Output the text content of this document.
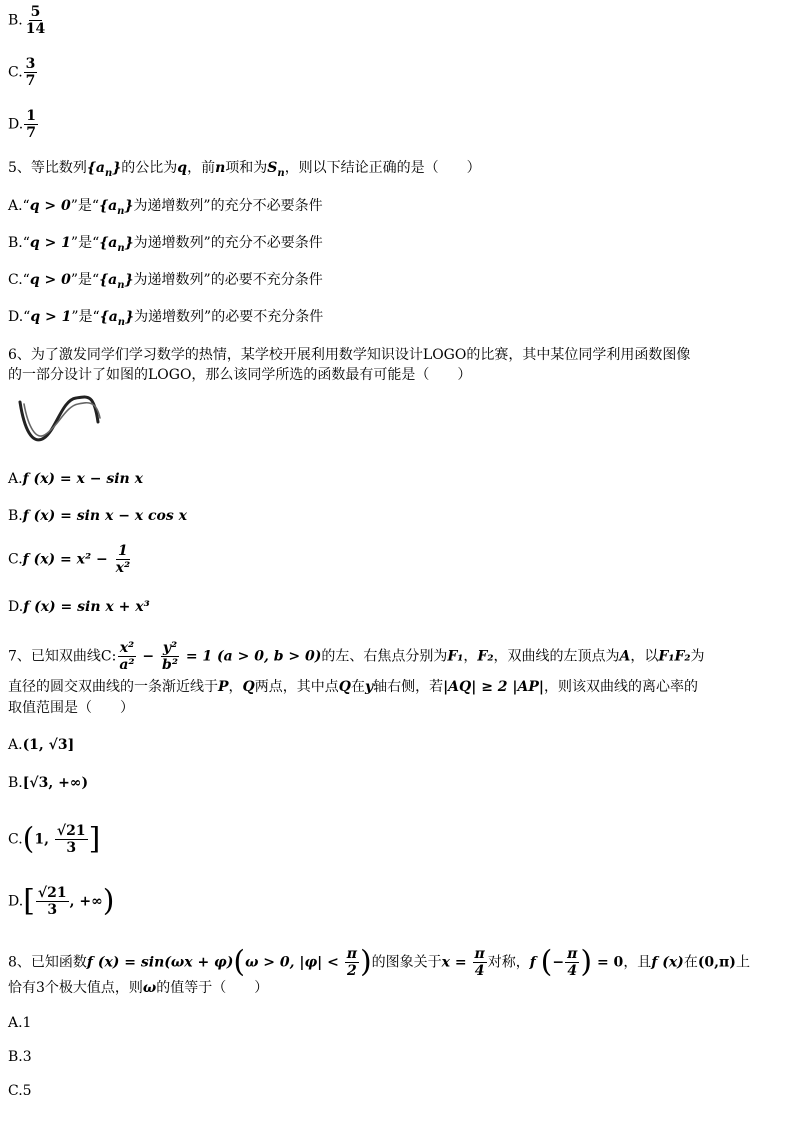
B. $\frac{5}{14}$
C. $\frac{3}{7}$
D. $\frac{1}{7}$
5、等比数列$\{a_n\}$的公比为q，前n项和为$S_n$，则以下结论正确的是（　　）
A.“q > 0”是“$\{a_n\}$为递增数列”的充分不必要条件
B.“q > 1”是“$\{a_n\}$为递增数列”的充分不必要条件
C.“q > 0”是“$\{a_n\}$为递增数列”的必要不充分条件
D.“q > 1”是“$\{a_n\}$为递增数列”的必要不充分条件
6、为了激发同学们学习数学的热情，某学校开展利用数学知识设计LOGO的比赛，其中某位同学利用函数图像
的一部分设计了如图的LOGO，那么该同学所选的函数最有可能是（　　）
A.f (x) = x − sin x
B.f (x) = sin x − x cos x
C.f $(x) = x^2 - \frac{1}{\text{x²}}$
D.f (x) = sin x + x³
7、已知双曲线C: $\frac{\text{x²}}{\text{a²}} - \frac{\text{y²}}{\text{b²}} = 1$ (a > 0, b > 0)的左、右焦点分别为F₁，F₂，双曲线的左顶点为A，以F₁F₂为
直径的圆交双曲线的一条渐近线于P，Q两点，其中点Q在y轴右侧，若|AQ| ≥ 2 |AP|，则该双曲线的离心率的
取值范围是（　　）
A.(1, √3]
B.[√3, +∞)
C.(1, $\frac{√21}{3}$ ]
$D.[ \frac{√21}{3}$ , +∞)
8、已知函数f (x) = sin(ωx + φ)(ω > 0, $|\varphi| < \frac{\pi}{2}$ )的图象关于$x = \frac{\pi}{4}$ 对称，f (− $\frac{\pi}{4}$ ) = 0，且f (x)在(0,π)上
恰有3个极大值点，则ω的值等于（　　）
A.1
B.3
C.5
